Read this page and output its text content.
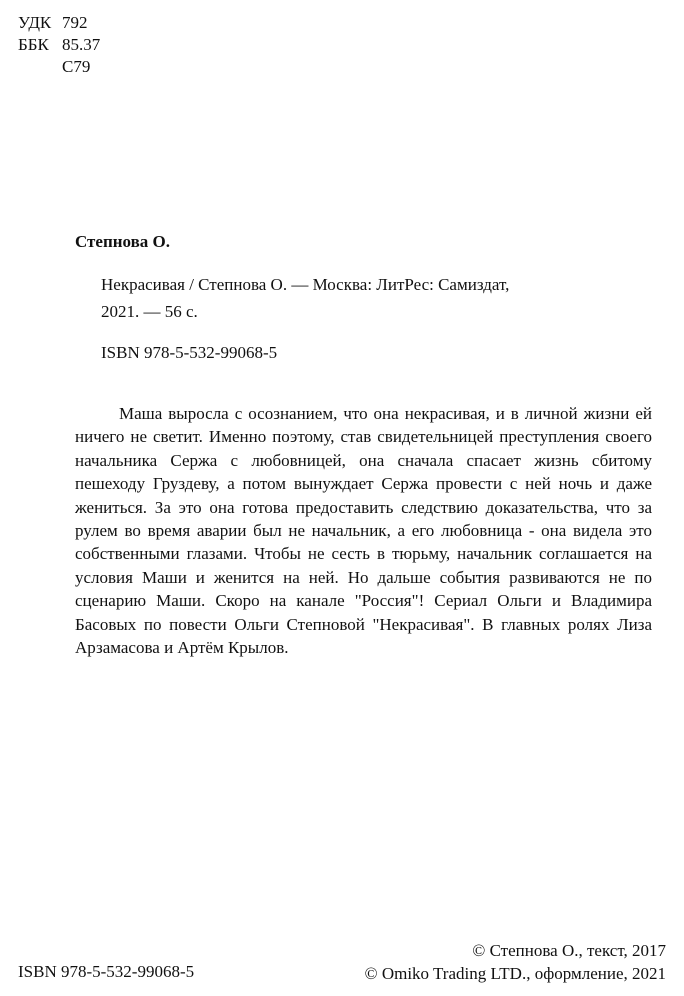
УДК 792
ББК 85.37
С79
Степнова О.
Некрасивая / Степнова О. — Москва: ЛитРес: Самиздат,
2021. — 56 с.
ISBN 978-5-532-99068-5

Маша выросла с осознанием, что она некрасивая, и в личной жизни ей ничего не светит. Именно поэтому, став свидетельницей преступления своего начальника Сержа с любовницей, она сначала спасает жизнь сбитому пешеходу Груздеву, а потом вынуждает Сержа провести с ней ночь и даже жениться. За это она готова предоставить следствию доказательства, что за рулем во время аварии был не начальник, а его любовница - она видела это собственными глазами. Чтобы не сесть в тюрьму, начальник соглашается на условия Маши и женится на ней. Но дальше события развиваются не по сценарию Маши. Скоро на канале "Россия"! Сериал Ольги и Владимира Басовых по повести Ольги Степновой "Некрасивая". В главных ролях Лиза Арзамасова и Артём Крылов.

ISBN 978-5-532-99068-5
© Степнова О., текст, 2017
© Omiko Trading LTD., оформление, 2021
